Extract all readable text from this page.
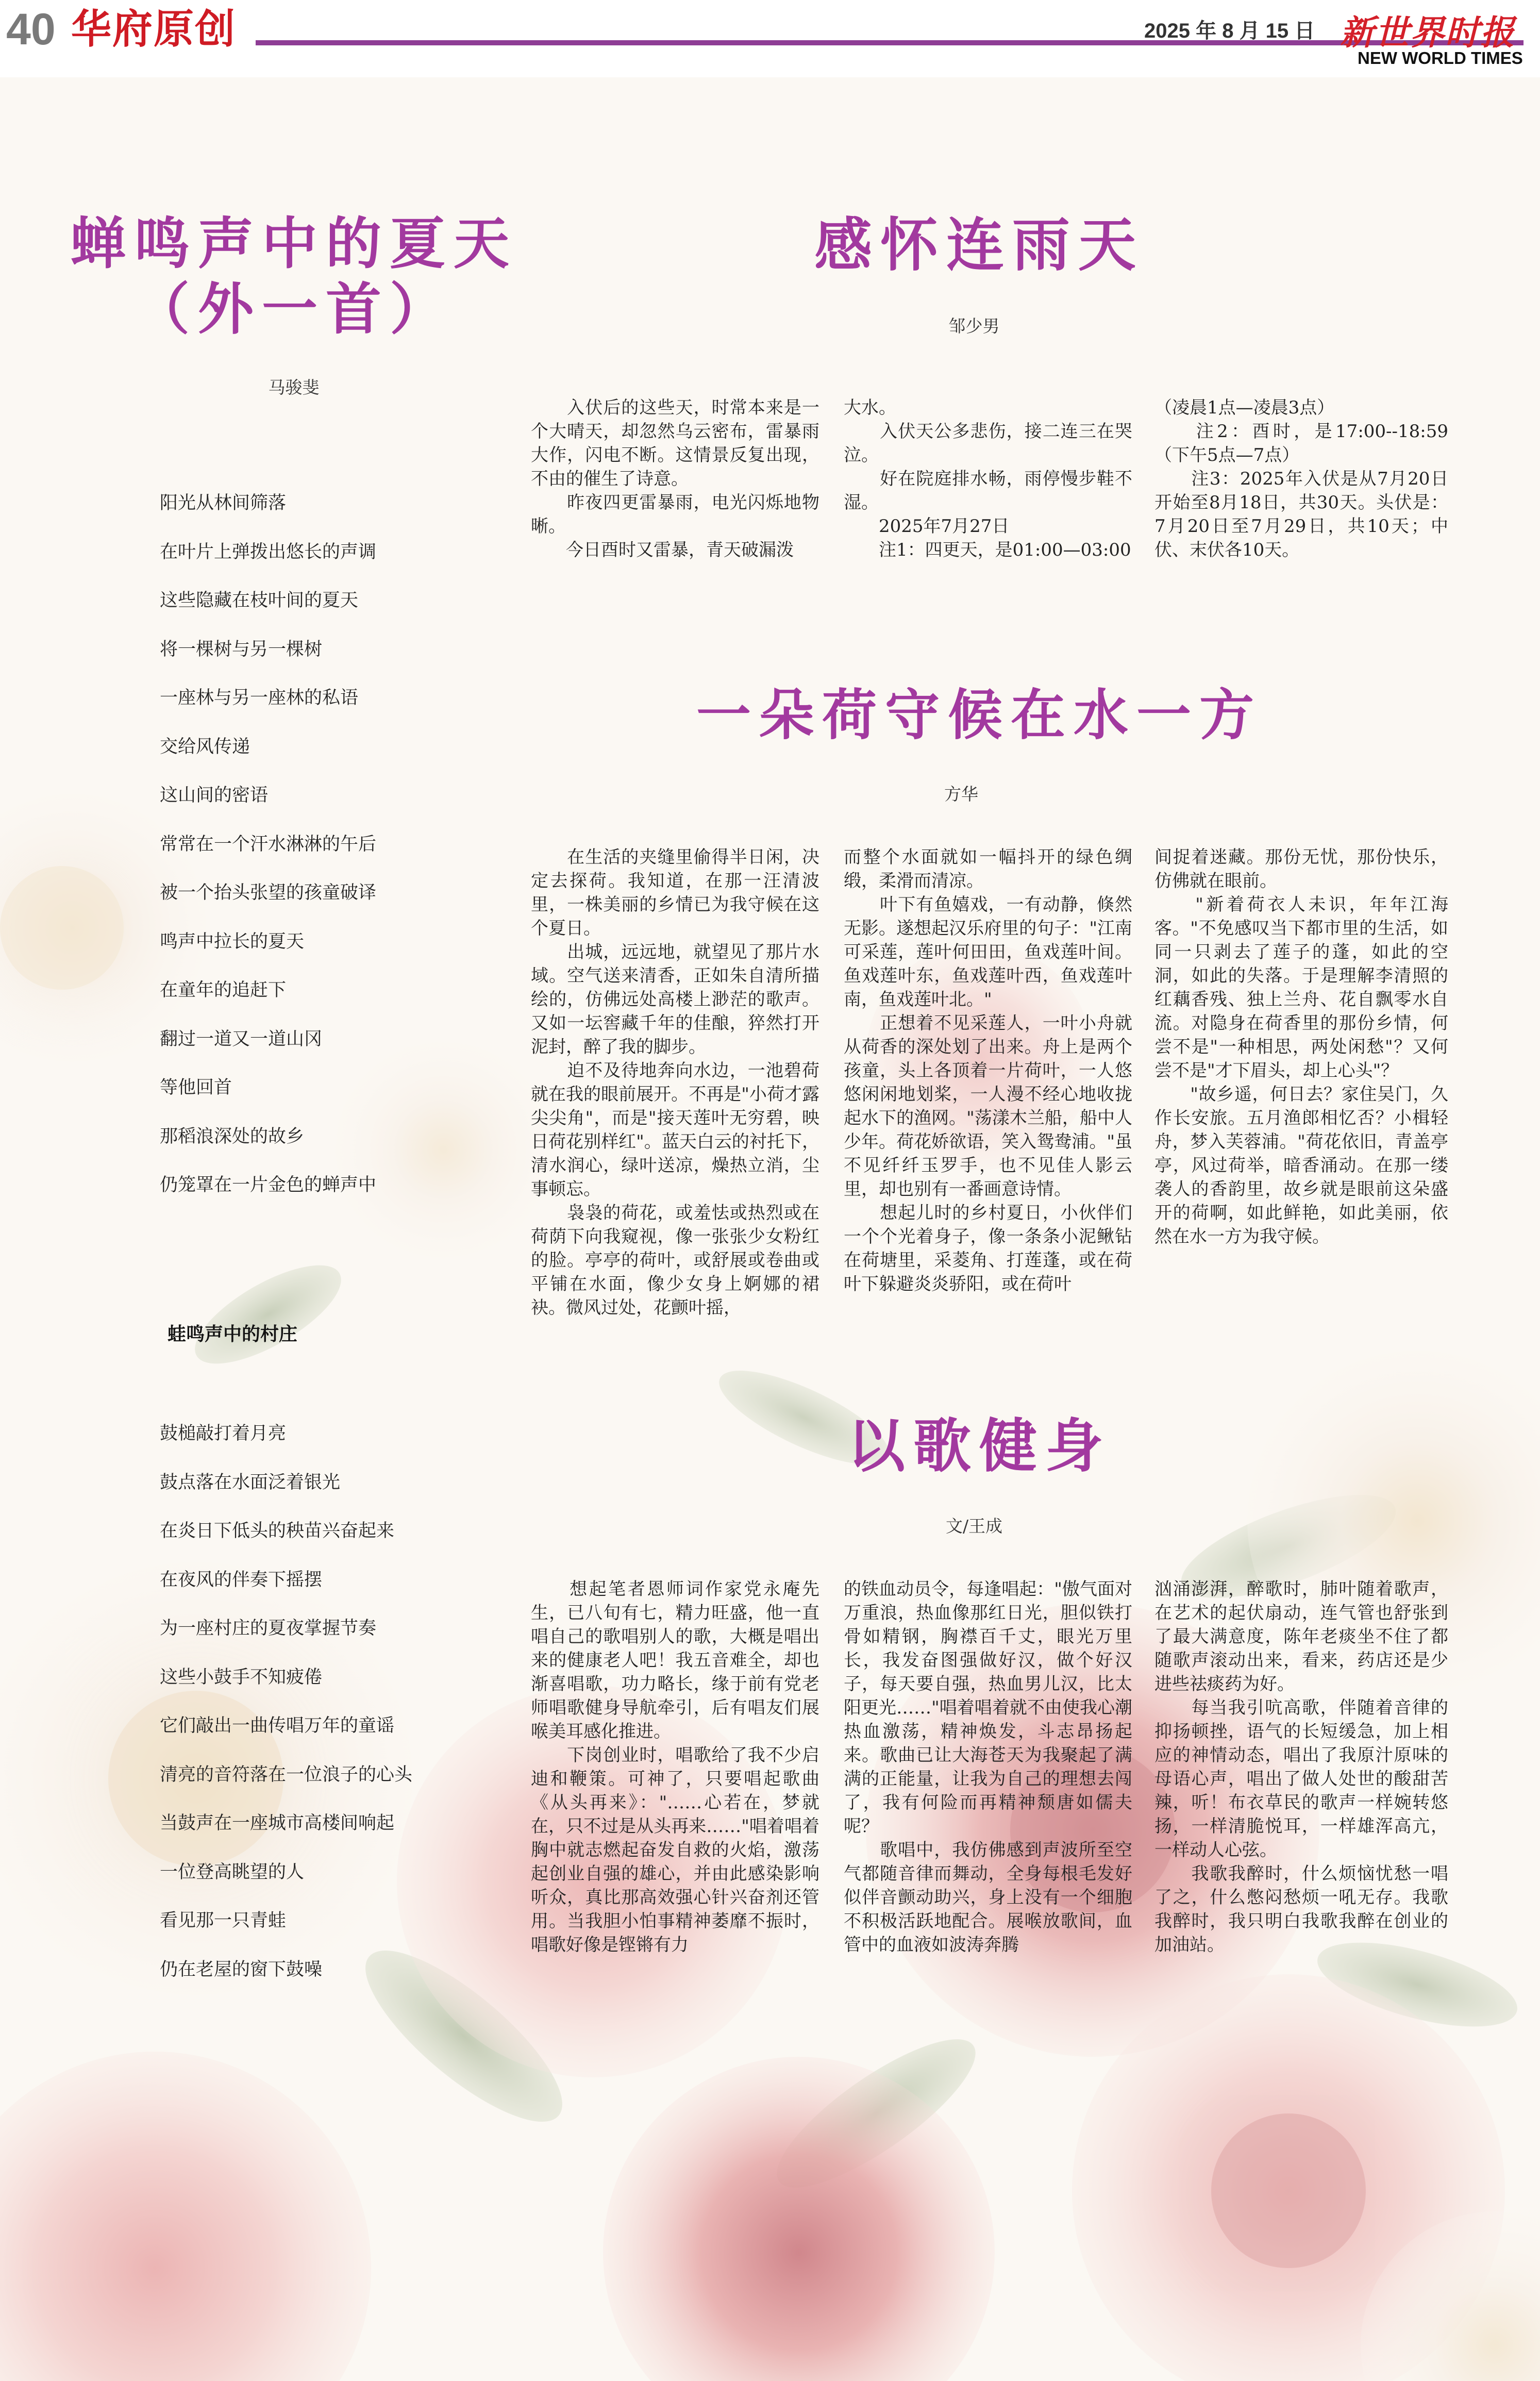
40 华府原创	2025 年 8 月 15 日 新世界时报
NEW WORLD TIMES
蝉鸣声中的夏天
（外一首）
马骏斐
阳光从林间筛落
在叶片上弹拨出悠长的声调
这些隐藏在枝叶间的夏天
将一棵树与另一棵树
一座林与另一座林的私语
交给风传递
这山间的密语
常常在一个汗水淋淋的午后
被一个抬头张望的孩童破译
鸣声中拉长的夏天
在童年的追赶下
翻过一道又一道山冈
等他回首
那稻浪深处的故乡
仍笼罩在一片金色的蝉声中
蛙鸣声中的村庄
鼓槌敲打着月亮
鼓点落在水面泛着银光
在炎日下低头的秧苗兴奋起来
在夜风的伴奏下摇摆
为一座村庄的夏夜掌握节奏
这些小鼓手不知疲倦
它们敲出一曲传唱万年的童谣
清亮的音符落在一位浪子的心头
当鼓声在一座城市高楼间响起
一位登高眺望的人
看见那一只青蛙
仍在老屋的窗下鼓噪
感怀连雨天
邹少男
　　入伏后的这些天，时常本来是一个大晴天，却忽然乌云密布，雷暴雨大作，闪电不断。这情景反复出现，不由的催生了诗意。
　　昨夜四更雷暴雨，电光闪烁地物晰。
　　今日酉时又雷暴，青天破漏泼
大水。
　　入伏天公多悲伤，接二连三在哭泣。
　　好在院庭排水畅，雨停慢步鞋不湿。
　　2025年7月27日
　　注1：四更天，是01:00—03:00
（凌晨1点—凌晨3点）
　　注2：酉时，是17:00--18:59（下午5点—7点）
　　注3：2025年入伏是从7月20日开始至8月18日，共30天。头伏是：7月20日至7月29日，共10天；中伏、末伏各10天。
一朵荷守候在水一方
方华
　　在生活的夹缝里偷得半日闲，决定去探荷。我知道，在那一汪清波里，一株美丽的乡情已为我守候在这个夏日。
　　出城，远远地，就望见了那片水域。空气送来清香，正如朱自清所描绘的，仿佛远处高楼上渺茫的歌声。又如一坛窖藏千年的佳酿，猝然打开泥封，醉了我的脚步。
　　迫不及待地奔向水边，一池碧荷就在我的眼前展开。不再是"小荷才露尖尖角"，而是"接天莲叶无穷碧，映日荷花别样红"。蓝天白云的衬托下，清水润心，绿叶送凉，燥热立消，尘事顿忘。
　　袅袅的荷花，或羞怯或热烈或在荷荫下向我窥视，像一张张少女粉红的脸。亭亭的荷叶，或舒展或卷曲或平铺在水面，像少女身上婀娜的裙袂。微风过处，花颤叶摇，
而整个水面就如一幅抖开的绿色绸缎，柔滑而清凉。
　　叶下有鱼嬉戏，一有动静，倏然无影。遂想起汉乐府里的句子："江南可采莲，莲叶何田田，鱼戏莲叶间。鱼戏莲叶东，鱼戏莲叶西，鱼戏莲叶南，鱼戏莲叶北。"
　　正想着不见采莲人，一叶小舟就从荷香的深处划了出来。舟上是两个孩童，头上各顶着一片荷叶，一人悠悠闲闲地划桨，一人漫不经心地收拢起水下的渔网。"荡漾木兰船，船中人少年。荷花娇欲语，笑入鸳鸯浦。"虽不见纤纤玉罗手，也不见佳人影云里，却也别有一番画意诗情。
　　想起儿时的乡村夏日，小伙伴们一个个光着身子，像一条条小泥鳅钻在荷塘里，采菱角、打莲蓬，或在荷叶下躲避炎炎骄阳，或在荷叶
间捉着迷藏。那份无忧，那份快乐，仿佛就在眼前。
　　"新着荷衣人未识，年年江海客。"不免感叹当下都市里的生活，如同一只剥去了莲子的蓬，如此的空洞，如此的失落。于是理解李清照的红藕香残、独上兰舟、花自飘零水自流。对隐身在荷香里的那份乡情，何尝不是"一种相思，两处闲愁"？又何尝不是"才下眉头，却上心头"？
　　"故乡遥，何日去？家住吴门，久作长安旅。五月渔郎相忆否？小楫轻舟，梦入芙蓉浦。"荷花依旧，青盖亭亭，风过荷举，暗香涌动。在那一缕袭人的香韵里，故乡就是眼前这朵盛开的荷啊，如此鲜艳，如此美丽，依然在水一方为我守候。
以歌健身
文/王成
　　想起笔者恩师词作家党永庵先生，已八旬有七，精力旺盛，他一直唱自己的歌唱别人的歌，大概是唱出来的健康老人吧！我五音难全，却也渐喜唱歌，功力略长，缘于前有党老师唱歌健身导航牵引，后有唱友们展喉美耳感化推进。
　　下岗创业时，唱歌给了我不少启迪和鞭策。可神了，只要唱起歌曲《从头再来》："……心若在，梦就在，只不过是从头再来……"唱着唱着胸中就志燃起奋发自救的火焰，激荡起创业自强的雄心，并由此感染影响听众，真比那高效强心针兴奋剂还管用。当我胆小怕事精神萎靡不振时，唱歌好像是铿锵有力
的铁血动员令，每逢唱起："傲气面对万重浪，热血像那红日光，胆似铁打骨如精钢，胸襟百千丈，眼光万里长，我发奋图强做好汉，做个好汉子，每天要自强，热血男儿汉，比太阳更光……"唱着唱着就不由使我心潮热血激荡，精神焕发，斗志昂扬起来。歌曲已让大海苍天为我聚起了满满的正能量，让我为自己的理想去闯了，我有何险而再精神颓唐如儒夫呢？
　　歌唱中，我仿佛感到声波所至空气都随音律而舞动，全身每根毛发好似伴音颤动助兴，身上没有一个细胞不积极活跃地配合。展喉放歌间，血管中的血液如波涛奔腾
汹涌澎湃，醉歌时，肺叶随着歌声，在艺术的起伏扇动，连气管也舒张到了最大满意度，陈年老痰坐不住了都随歌声滚动出来，看来，药店还是少进些祛痰药为好。
　　每当我引吭高歌，伴随着音律的抑扬顿挫，语气的长短缓急，加上相应的神情动态，唱出了我原汁原味的母语心声，唱出了做人处世的酸甜苦辣，听！布衣草民的歌声一样婉转悠扬，一样清脆悦耳，一样雄浑高亢，一样动人心弦。
　　我歌我醉时，什么烦恼忧愁一唱了之，什么憋闷愁烦一吼无存。我歌我醉时，我只明白我歌我醉在创业的加油站。
